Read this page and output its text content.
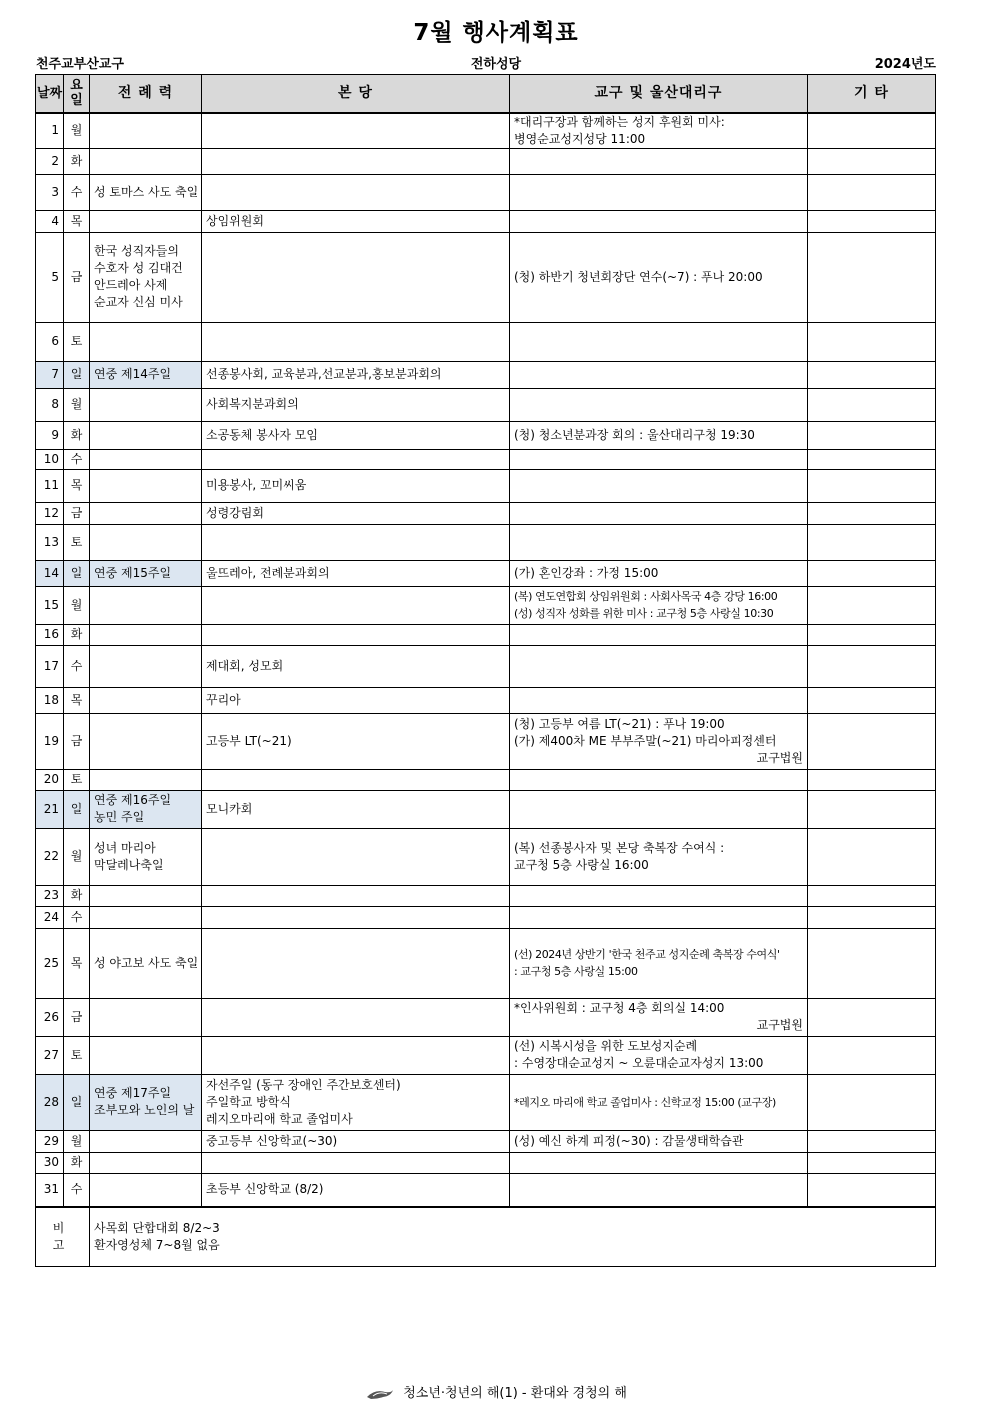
7월 행사계획표
천주교부산교구	전하성당	2024년도
날짜	요일	전 례 력	본 당	교구 및 울산대리구	기 타
1	월			*대리구장과 함께하는 성지 후원회 미사:
병영순교성지성당 11:00	

2	화				
3	수	성 토마스 사도 축일			

4	목		상임위원회		

5	금	한국 성직자들의
수호자 성 김대건
안드레아 사제
순교자 신심 미사		(청) 하반기 청년회장단 연수(~7) : 푸나 20:00	

6	토				
7	일	연중 제14주일	선종봉사회, 교육분과,선교분과,홍보분과회의		

8	월		사회복지분과회의		

9	화		소공동체 봉사자 모임	(청) 청소년분과장 회의 : 울산대리구청 19:30	

10	수				
11	목		미용봉사, 꼬미씨움		

12	금		성령강림회		

13	토				
14	일	연중 제15주일	울뜨레아, 전례분과회의	(가) 혼인강좌 : 가정 15:00	

15	월			(복) 연도연합회 상임위원회 : 사회사목국 4층 강당 16:00
(성) 성직자 성화를 위한 미사 : 교구청 5층 사랑실 10:30	

16	화				
17	수		제대회, 성모회		

18	목		꾸리아		

19	금		고등부 LT(~21)	(청) 고등부 여름 LT(~21) : 푸나 19:00
(가) 제400차 ME 부부주말(~21) 마리아피정센터
교구법원	

20	토				
21	일	연중 제16주일
농민 주일	모니카회		

22	월	성녀 마리아
막달레나축일		(복) 선종봉사자 및 본당 축복장 수여식 :
교구청 5층 사랑실 16:00	

23	화				
24	수				
25	목	성 야고보 사도 축일		(선) 2024년 상반기 '한국 천주교 성지순례 축복장 수여식'
: 교구청 5층 사랑실 15:00	

26	금			*인사위원회 : 교구청 4층 회의실 14:00
교구법원	

27	토			(선) 시복시성을 위한 도보성지순례
: 수영장대순교성지 ~ 오륜대순교자성지 13:00	

28	일	연중 제17주일
조부모와 노인의 날	자선주일 (동구 장애인 주간보호센터)
주일학교 방학식
레지오마리애 학교 졸업미사	*레지오 마리애 학교 졸업미사 : 신학교정 15:00 (교구장)	

29	월		중고등부 신앙학교(~30)	(성) 예신 하계 피정(~30) : 감물생태학습관	

30	화				
31	수		초등부 신앙학교 (8/2)		

비 고		사목회 단합대회 8/2~3
환자영성체 7~8월 없음			
청소년·청년의 해(1) - 환대와 경청의 해
